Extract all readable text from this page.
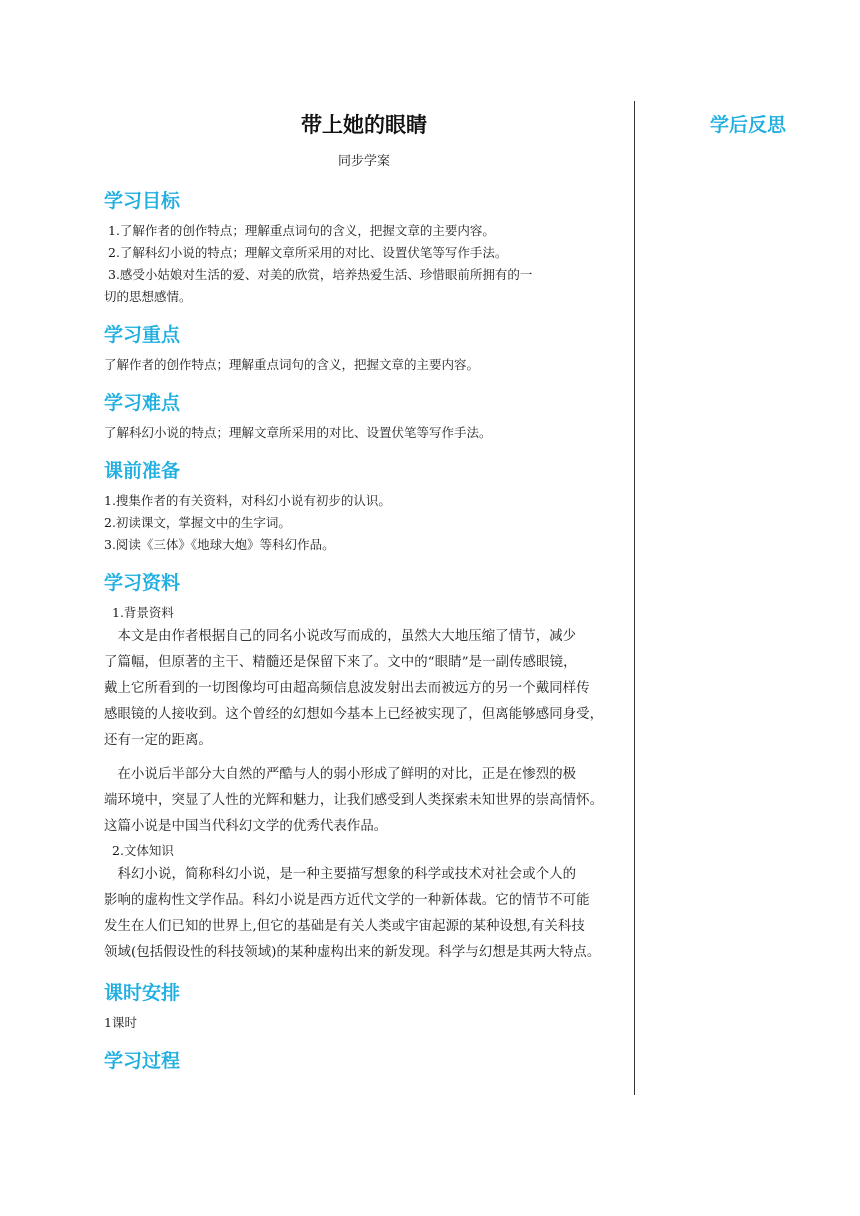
带上她的眼睛

同步学案

学习目标

1.了解作者的创作特点；理解重点词句的含义，把握文章的主要内容。

2.了解科幻小说的特点；理解文章所采用的对比、设置伏笔等写作手法。

3.感受小姑娘对生活的爱、对美的欣赏，培养热爱生活、珍惜眼前所拥有的一

切的思想感情。

学习重点

了解作者的创作特点；理解重点词句的含义，把握文章的主要内容。

学习难点

了解科幻小说的特点；理解文章所采用的对比、设置伏笔等写作手法。

课前准备

1.搜集作者的有关资料，对科幻小说有初步的认识。

2.初读课文，掌握文中的生字词。

3.阅读《三体》《地球大炮》等科幻作品。

学习资料

1.背景资料

　本文是由作者根据自己的同名小说改写而成的，虽然大大地压缩了情节，减少

了篇幅，但原著的主干、精髓还是保留下来了。文中的“眼睛”是一副传感眼镜，

戴上它所看到的一切图像均可由超高频信息波发射出去而被远方的另一个戴同样传

感眼镜的人接收到。这个曾经的幻想如今基本上已经被实现了，但离能够感同身受，

还有一定的距离。

　在小说后半部分大自然的严酷与人的弱小形成了鲜明的对比，正是在惨烈的极

端环境中，突显了人性的光辉和魅力，让我们感受到人类探索未知世界的崇高情怀。

这篇小说是中国当代科幻文学的优秀代表作品。

2.文体知识

　科幻小说，简称科幻小说，是一种主要描写想象的科学或技术对社会或个人的

影响的虚构性文学作品。科幻小说是西方近代文学的一种新体裁。它的情节不可能

发生在人们已知的世界上,但它的基础是有关人类或宇宙起源的某种设想,有关科技

领域(包括假设性的科技领域)的某种虚构出来的新发现。科学与幻想是其两大特点。

课时安排

1课时

学习过程
学后反思
